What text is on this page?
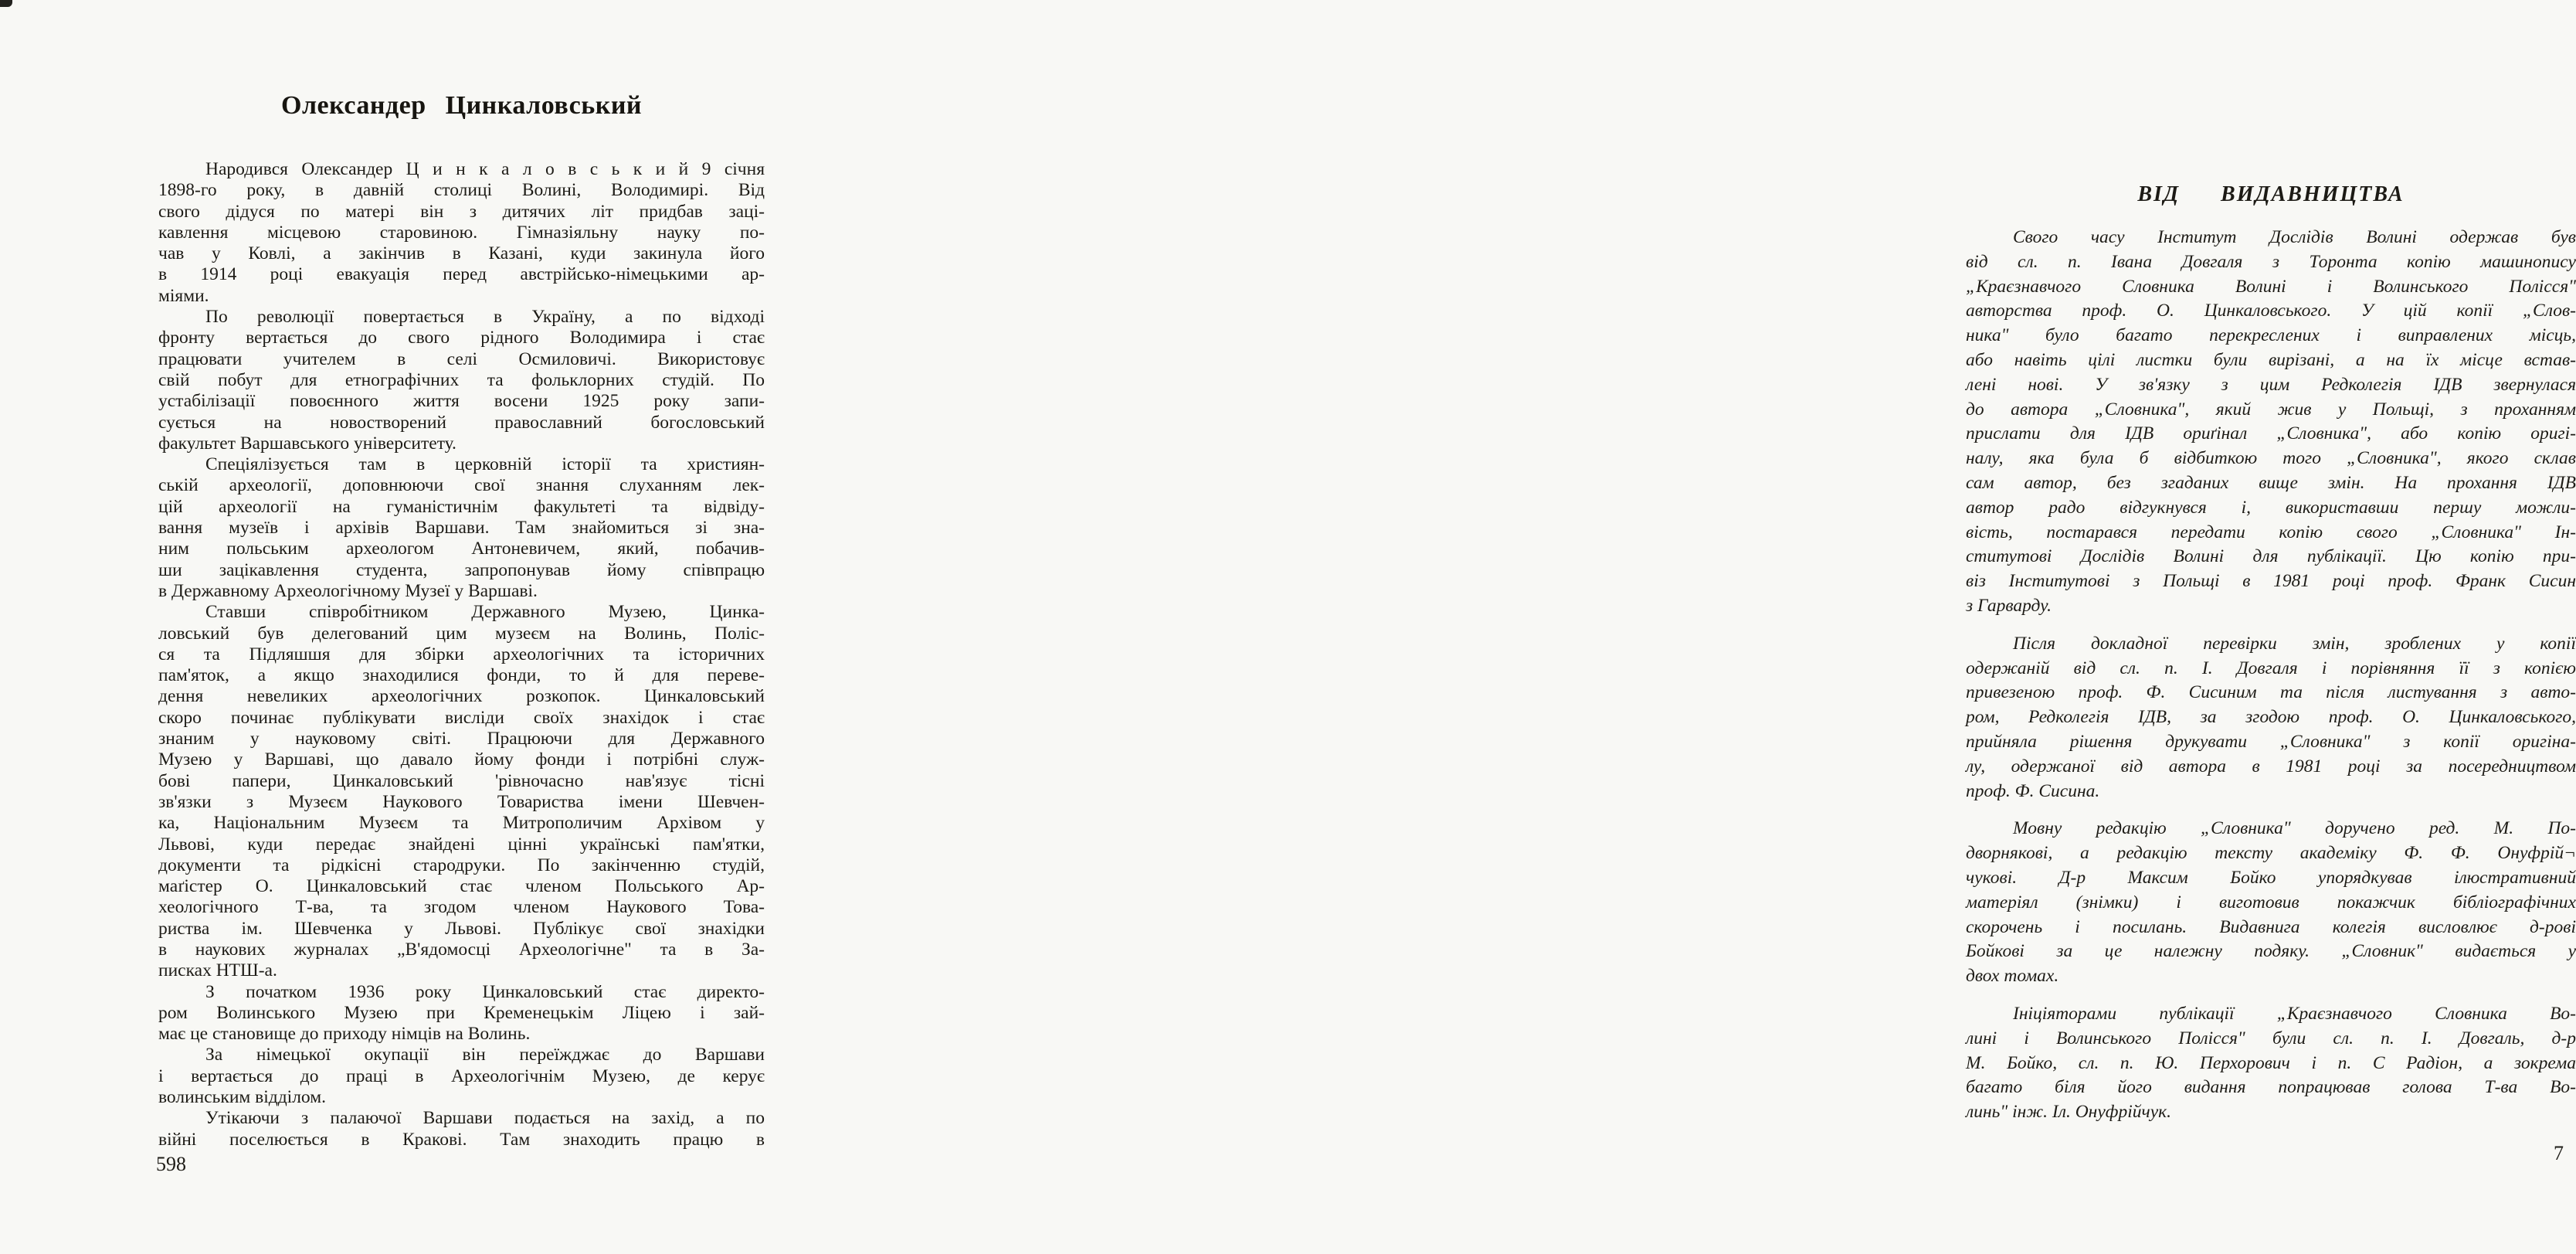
Олександер Цинкаловський
Народився Олександер Ц и н к а л о в с ь к и й 9 січня
1898-го року, в давній столиці Волині, Володимирі. Від
свого дідуся по матері він з дитячих літ придбав заці-
кавлення місцевою старовиною. Гімназіяльну науку по-
чав у Ковлі, а закінчив в Казані, куди закинула його
в 1914 році евакуація перед австрійсько-німецькими ар-
міями.
По революції повертається в Україну, а по відході
фронту вертається до свого рідного Володимира і стає
працювати учителем в селі Осмиловичі. Використовує
свій побут для етнографічних та фольклорних студій. По
устабілізації повоєнного життя восени 1925 року запи-
сується на новостворений православний богословський
факультет Варшавського університету.
Спеціялізується там в церковній історії та християн-
ській археології, доповнюючи свої знання слуханням лек-
цій археології на гуманістичнім факультеті та відвіду-
вання музеїв і архівів Варшави. Там знайомиться зі зна-
ним польським археологом Антоневичем, який, побачив-
ши зацікавлення студента, запропонував йому співпрацю
в Державному Археологічному Музеї у Варшаві.
Ставши співробітником Державного Музею, Цинка-
ловський був делегований цим музеєм на Волинь, Поліс-
ся та Підляшшя для збірки археологічних та історичних
пам'яток, а якщо знаходилися фонди, то й для переве-
дення невеликих археологічних розкопок. Цинкаловський
скоро починає публікувати висліди своїх знахідок і стає
знаним у науковому світі. Працюючи для Державного
Музею у Варшаві, що давало йому фонди і потрібні служ-
бові папери, Цинкаловський 'рівночасно нав'язує тісні
зв'язки з Музеєм Наукового Товариства імени Шевчен-
ка, Національним Музеєм та Митрополичим Архівом у
Львові, куди передає знайдені цінні українські пам'ятки,
документи та рідкісні стародруки. По закінченню студій,
маґістер О. Цинкаловський стає членом Польського Ар-
хеологічного Т-ва, та згодом членом Наукового Това-
риства ім. Шевченка у Львові. Публікує свої знахідки
в наукових журналах „В'ядомосці Археологічне" та в За-
писках НТШ-а.
З початком 1936 року Цинкаловський стає директо-
ром Волинського Музею при Кременецькім Ліцею і зай-
має це становище до приходу німців на Волинь.
За німецької окупації він переїжджає до Варшави
і вертається до праці в Археологічнім Музею, де керує
волинським відділом.
Утікаючи з палаючої Варшави подається на захід, а по
війні поселюється в Кракові. Там знаходить працю в
598
ВІД ВИДАВНИЦТВА
Свого часу Інститут Дослідів Волині одержав був
від сл. п. Івана Довгаля з Торонта копію машинопису
„Краєзнавчого Словника Волині і Волинського Полісся"
авторства проф. О. Цинкаловського. У цій копії „Слов-
ника" було багато перекреслених і виправлених місць,
або навіть цілі листки були вирізані, а на їх місце встав-
лені нові. У зв'язку з цим Редколегія ІДВ звернулася
до автора „Словника", який жив у Польщі, з проханням
прислати для ІДВ ориґінал „Словника", або копію оригі-
налу, яка була б відбиткою того „Словника", якого склав
сам автор, без згаданих вище змін. На прохання ІДВ
автор радо відгукнувся і, використавши першу можли-
вість, постарався передати копію свого „Словника" Ін-
ститутові Дослідів Волині для публікації. Цю копію при-
віз Інститутові з Польщі в 1981 році проф. Франк Сисин
з Гарварду.
Після докладної перевірки змін, зроблених у копії
одержаній від сл. п. І. Довгаля і порівняння її з копією
привезеною проф. Ф. Сисиним та після листування з авто-
ром, Редколегія ІДВ, за згодою проф. О. Цинкаловського,
прийняла рішення друкувати „Словника" з копії оригіна-
лу, одержаної від автора в 1981 році за посередництвом
проф. Ф. Сисина.
Мовну редакцію „Словника" доручено ред. М. По-
дворнякові, а редакцію тексту академіку Ф. Ф. Онуфрій¬
чукові. Д-р Максим Бойко упорядкував ілюстративний
матеріял (знімки) і виготовив покажчик бібліографічних
скорочень і посилань. Видавнига колегія висловлює д-рові
Бойкові за це належну подяку. „Словник" видається у
двох томах.
Ініціяторами публікації „Краєзнавчого Словника Во-
лині і Волинського Полісся" були сл. п. І. Довгаль, д-р
М. Бойко, сл. п. Ю. Перхорович і п. С Радіон, а зокрема
багато біля його видання попрацював голова Т-ва Во-
линь" інж. Іл. Онуфрійчук.
7
